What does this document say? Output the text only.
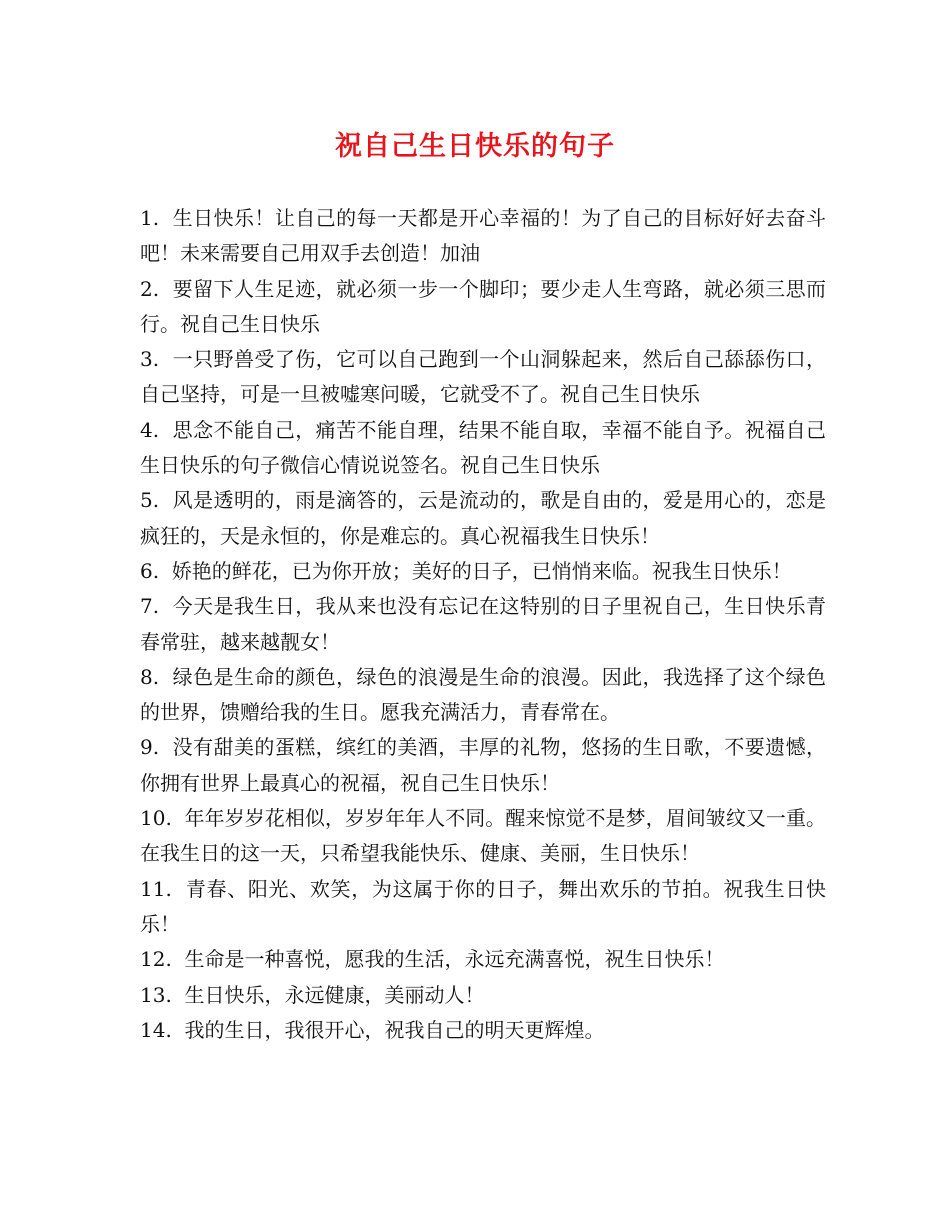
祝自己生日快乐的句子

1. 生日快乐！让自己的每一天都是开心幸福的！为了自己的目标好好去奋斗吧！未来需要自己用双手去创造！加油

2. 要留下人生足迹，就必须一步一个脚印；要少走人生弯路，就必须三思而行。祝自己生日快乐

3. 一只野兽受了伤，它可以自己跑到一个山洞躲起来，然后自己舔舔伤口，自己坚持，可是一旦被嘘寒问暖，它就受不了。祝自己生日快乐

4. 思念不能自己，痛苦不能自理，结果不能自取，幸福不能自予。祝福自己生日快乐的句子微信心情说说签名。祝自己生日快乐

5. 风是透明的，雨是滴答的，云是流动的，歌是自由的，爱是用心的，恋是疯狂的，天是永恒的，你是难忘的。真心祝福我生日快乐！

6. 娇艳的鲜花，已为你开放；美好的日子，已悄悄来临。祝我生日快乐！

7. 今天是我生日，我从来也没有忘记在这特别的日子里祝自己，生日快乐青春常驻，越来越靓女！

8. 绿色是生命的颜色，绿色的浪漫是生命的浪漫。因此，我选择了这个绿色的世界，馈赠给我的生日。愿我充满活力，青春常在。

9. 没有甜美的蛋糕，缤红的美酒，丰厚的礼物，悠扬的生日歌，不要遗憾，你拥有世界上最真心的祝福，祝自己生日快乐！

10. 年年岁岁花相似，岁岁年年人不同。醒来惊觉不是梦，眉间皱纹又一重。在我生日的这一天，只希望我能快乐、健康、美丽，生日快乐！

11. 青春、阳光、欢笑，为这属于你的日子，舞出欢乐的节拍。祝我生日快乐！

12. 生命是一种喜悦，愿我的生活，永远充满喜悦，祝生日快乐！

13. 生日快乐，永远健康，美丽动人！

14. 我的生日，我很开心，祝我自己的明天更辉煌。
